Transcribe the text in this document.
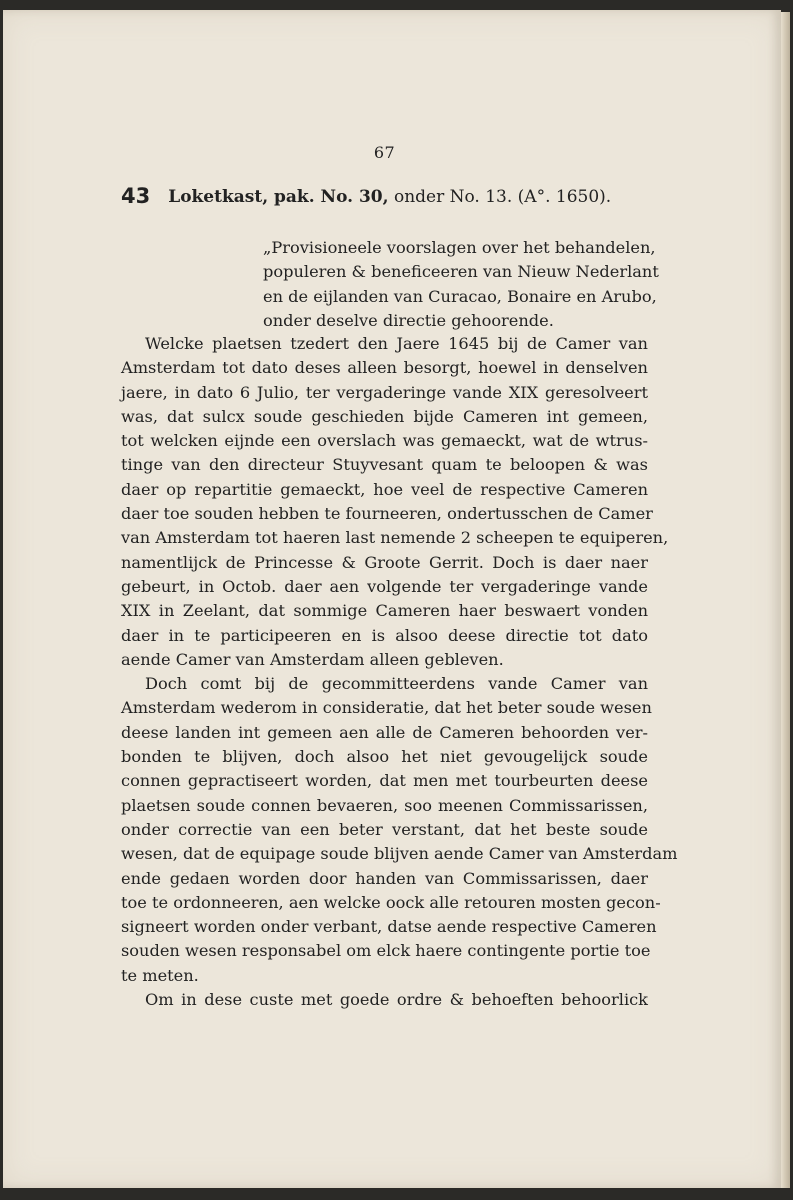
67
43 Loketkast, pak. No. 30, onder No. 13. (A°. 1650).
„Provisioneele voorslagen over het behandelen,
populeren & beneficeeren van Nieuw Nederlant
en de eijlanden van Curacao, Bonaire en Arubo,
onder deselve directie gehoorende.
Welcke plaetsen tzedert den Jaere 1645 bij de Camer van
Amsterdam tot dato deses alleen besorgt, hoewel in denselven
jaere, in dato 6 Julio, ter vergaderinge vande XIX geresolveert
was, dat sulcx soude geschieden bijde Cameren int gemeen,
tot welcken eijnde een overslach was gemaeckt, wat de wtrus-
tinge van den directeur Stuyvesant quam te beloopen & was
daer op repartitie gemaeckt, hoe veel de respective Cameren
daer toe souden hebben te fourneeren, ondertusschen de Camer
van Amsterdam tot haeren last nemende 2 scheepen te equiperen,
namentlijck de Princesse & Groote Gerrit. Doch is daer naer
gebeurt, in Octob. daer aen volgende ter vergaderinge vande
XIX in Zeelant, dat sommige Cameren haer beswaert vonden
daer in te participeeren en is alsoo deese directie tot dato
aende Camer van Amsterdam alleen gebleven.
Doch comt bij de gecommitteerdens vande Camer van
Amsterdam wederom in consideratie, dat het beter soude wesen
deese landen int gemeen aen alle de Cameren behoorden ver-
bonden te blijven, doch alsoo het niet gevougelijck soude
connen gepractiseert worden, dat men met tourbeurten deese
plaetsen soude connen bevaeren, soo meenen Commissarissen,
onder correctie van een beter verstant, dat het beste soude
wesen, dat de equipage soude blijven aende Camer van Amsterdam
ende gedaen worden door handen van Commissarissen, daer
toe te ordonneeren, aen welcke oock alle retouren mosten gecon-
signeert worden onder verbant, datse aende respective Cameren
souden wesen responsabel om elck haere contingente portie toe
te meten.
Om in dese custe met goede ordre & behoeften behoorlick
